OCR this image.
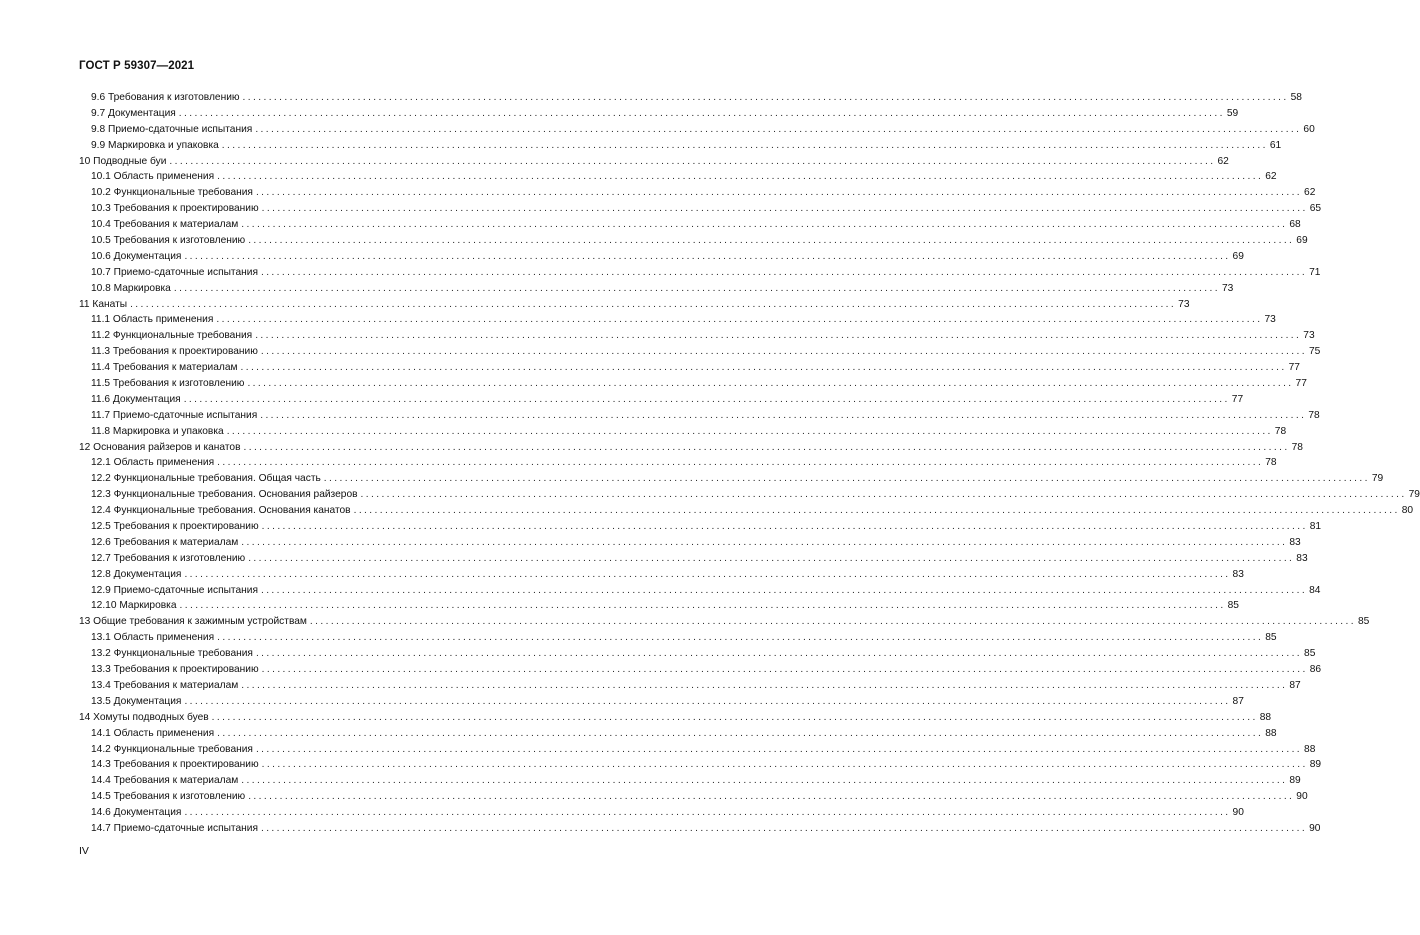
ГОСТ Р 59307—2021
9.6 Требования к изготовлению ........................................................................................................................................................................................................ 58
9.7 Документация ........................................................................................................................................................................................................ 59
9.8 Приемо-сдаточные испытания ........................................................................................................................................................................................................ 60
9.9 Маркировка и упаковка ........................................................................................................................................................................................................ 61
10 Подводные буи ........................................................................................................................................................................................................ 62
10.1 Область применения ........................................................................................................................................................................................................ 62
10.2 Функциональные требования ........................................................................................................................................................................................................ 62
10.3 Требования к проектированию ........................................................................................................................................................................................................ 65
10.4 Требования к материалам ........................................................................................................................................................................................................ 68
10.5 Требования к изготовлению ........................................................................................................................................................................................................ 69
10.6 Документация ........................................................................................................................................................................................................ 69
10.7 Приемо-сдаточные испытания ........................................................................................................................................................................................................ 71
10.8 Маркировка ........................................................................................................................................................................................................ 73
11 Канаты ........................................................................................................................................................................................................ 73
11.1 Область применения ........................................................................................................................................................................................................ 73
11.2 Функциональные требования ........................................................................................................................................................................................................ 73
11.3 Требования к проектированию ........................................................................................................................................................................................................ 75
11.4 Требования к материалам ........................................................................................................................................................................................................ 77
11.5 Требования к изготовлению ........................................................................................................................................................................................................ 77
11.6 Документация ........................................................................................................................................................................................................ 77
11.7 Приемо-сдаточные испытания ........................................................................................................................................................................................................ 78
11.8 Маркировка и упаковка ........................................................................................................................................................................................................ 78
12 Основания райзеров и канатов ........................................................................................................................................................................................................ 78
12.1 Область применения ........................................................................................................................................................................................................ 78
12.2 Функциональные требования. Общая часть ........................................................................................................................................................................................................ 79
12.3 Функциональные требования. Основания райзеров ........................................................................................................................................................................................................ 79
12.4 Функциональные требования. Основания канатов ........................................................................................................................................................................................................ 80
12.5 Требования к проектированию ........................................................................................................................................................................................................ 81
12.6 Требования к материалам ........................................................................................................................................................................................................ 83
12.7 Требования к изготовлению ........................................................................................................................................................................................................ 83
12.8 Документация ........................................................................................................................................................................................................ 83
12.9 Приемо-сдаточные испытания ........................................................................................................................................................................................................ 84
12.10 Маркировка ........................................................................................................................................................................................................ 85
13 Общие требования к зажимным устройствам ........................................................................................................................................................................................................ 85
13.1 Область применения ........................................................................................................................................................................................................ 85
13.2 Функциональные требования ........................................................................................................................................................................................................ 85
13.3 Требования к проектированию ........................................................................................................................................................................................................ 86
13.4 Требования к материалам ........................................................................................................................................................................................................ 87
13.5 Документация ........................................................................................................................................................................................................ 87
14 Хомуты подводных буев ........................................................................................................................................................................................................ 88
14.1 Область применения ........................................................................................................................................................................................................ 88
14.2 Функциональные требования ........................................................................................................................................................................................................ 88
14.3 Требования к проектированию ........................................................................................................................................................................................................ 89
14.4 Требования к материалам ........................................................................................................................................................................................................ 89
14.5 Требования к изготовлению ........................................................................................................................................................................................................ 90
14.6 Документация ........................................................................................................................................................................................................ 90
14.7 Приемо-сдаточные испытания ........................................................................................................................................................................................................ 90
IV
